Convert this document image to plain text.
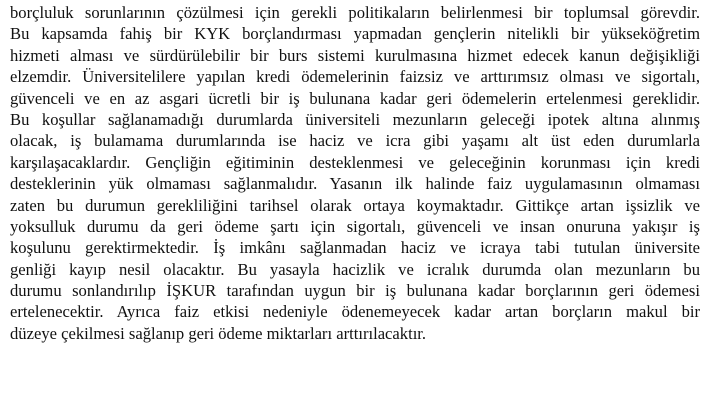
borçluluk sorunlarının çözülmesi için gerekli politikaların belirlenmesi bir toplumsal görevdir.
Bu kapsamda fahiş bir KYK borçlandırması yapmadan gençlerin nitelikli bir yükseköğretim
hizmeti alması ve sürdürülebilir bir burs sistemi kurulmasına hizmet edecek kanun değişikliği
elzemdir. Üniversitelilere yapılan kredi ödemelerinin faizsiz ve arttırımsız olması ve sigortalı,
güvenceli ve en az asgari ücretli bir iş bulunana kadar geri ödemelerin ertelenmesi gereklidir.
Bu koşullar sağlanamadığı durumlarda üniversiteli mezunların geleceği ipotek altına alınmış
olacak, iş bulamama durumlarında ise haciz ve icra gibi yaşamı alt üst eden durumlarla
karşılaşacaklardır. Gençliğin eğitiminin desteklenmesi ve geleceğinin korunması için kredi
desteklerinin yük olmaması sağlanmalıdır. Yasanın ilk halinde faiz uygulamasının olmaması
zaten bu durumun gerekliliğini tarihsel olarak ortaya koymaktadır. Gittikçe artan işsizlik ve
yoksulluk durumu da geri ödeme şartı için sigortalı, güvenceli ve insan onuruna yakışır iş
koşulunu gerektirmektedir. İş imkânı sağlanmadan haciz ve icraya tabi tutulan üniversite
genliği kayıp nesil olacaktır. Bu yasayla hacizlik ve icralık durumda olan mezunların bu
durumu sonlandırılıp İŞKUR tarafından uygun bir iş bulunana kadar borçlarının geri ödemesi
ertelenecektir. Ayrıca faiz etkisi nedeniyle ödenemeyecek kadar artan borçların makul bir
düzeye çekilmesi sağlanıp geri ödeme miktarları arttırılacaktır.
